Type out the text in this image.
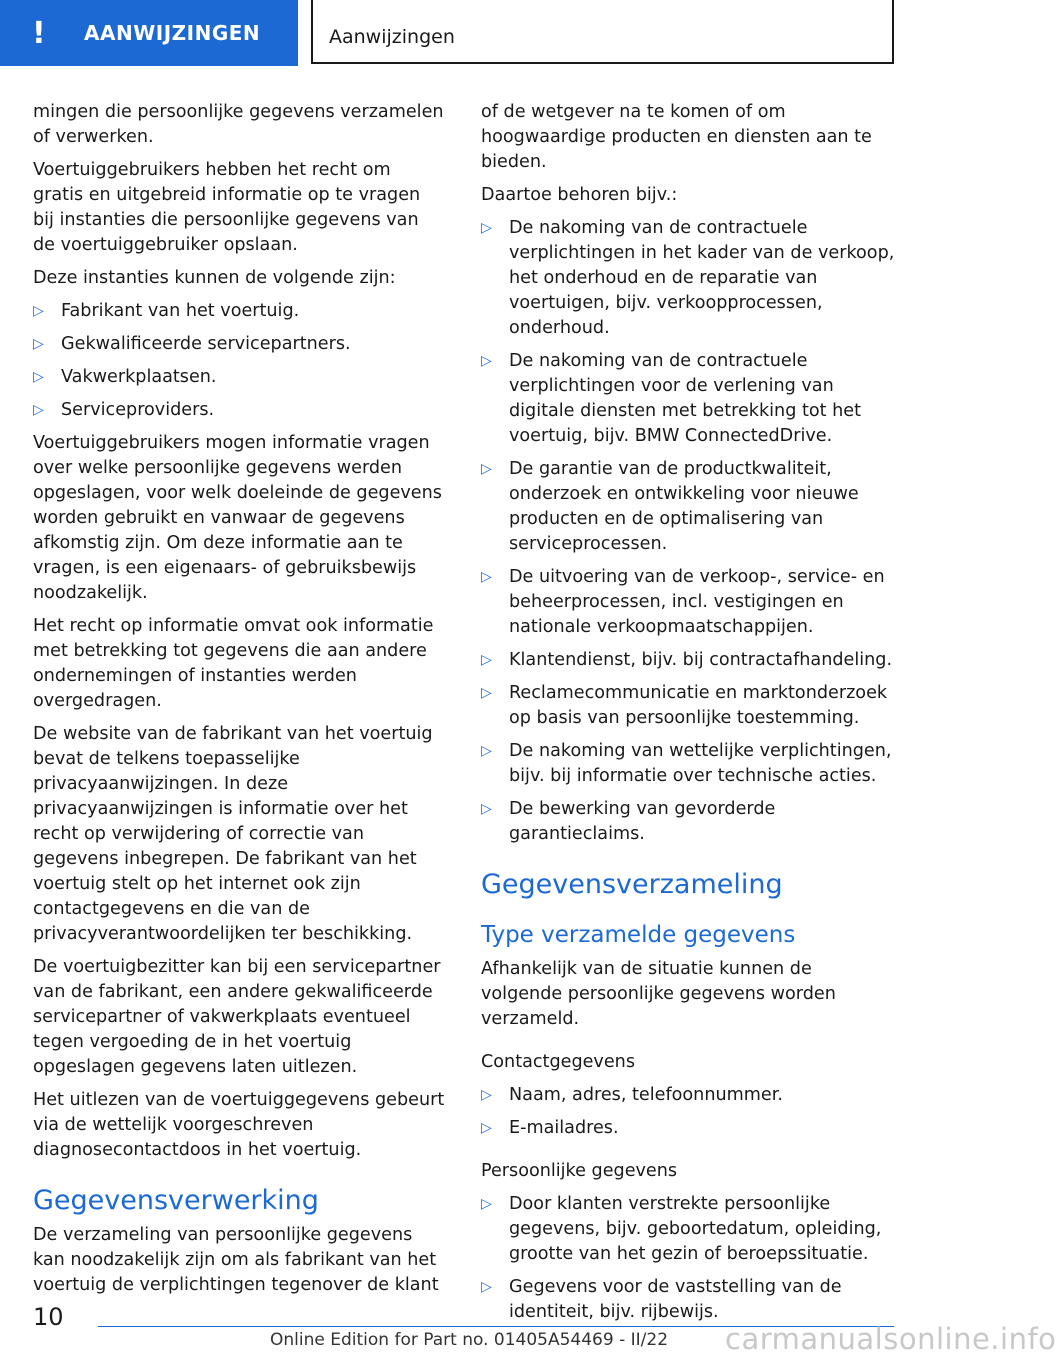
!	AANWIJZINGEN	Aanwijzingen

mingen die persoonlijke gegevens verzamelen of verwerken.

Voertuiggebruikers hebben het recht om gratis en uitgebreid informatie op te vragen bij instanties die persoonlijke gegevens van de voertuiggebruiker opslaan.

Deze instanties kunnen de volgende zijn:

▷ Fabrikant van het voertuig.
▷ Gekwalificeerde servicepartners.
▷ Vakwerkplaatsen.
▷ Serviceproviders.

Voertuiggebruikers mogen informatie vragen over welke persoonlijke gegevens werden opgeslagen, voor welk doeleinde de gegevens worden gebruikt en vanwaar de gegevens afkomstig zijn. Om deze informatie aan te vragen, is een eigenaars- of gebruiksbewijs noodzakelijk.

Het recht op informatie omvat ook informatie met betrekking tot gegevens die aan andere ondernemingen of instanties werden overgedragen.

De website van de fabrikant van het voertuig bevat de telkens toepasselijke privacyaanwijzingen. In deze privacyaanwijzingen is informatie over het recht op verwijdering of correctie van gegevens inbegrepen. De fabrikant van het voertuig stelt op het internet ook zijn contactgegevens en die van de privacyverantwoordelijken ter beschikking.

De voertuigbezitter kan bij een servicepartner van de fabrikant, een andere gekwalificeerde servicepartner of vakwerkplaats eventueel tegen vergoeding de in het voertuig opgeslagen gegevens laten uitlezen.

Het uitlezen van de voertuiggegevens gebeurt via de wettelijk voorgeschreven diagnosecontactdoos in het voertuig.

Gegevensverwerking

De verzameling van persoonlijke gegevens kan noodzakelijk zijn om als fabrikant van het voertuig de verplichtingen tegenover de klant

of de wetgever na te komen of om hoogwaardige producten en diensten aan te bieden.

Daartoe behoren bijv.:

▷ De nakoming van de contractuele verplichtingen in het kader van de verkoop, het onderhoud en de reparatie van voertuigen, bijv. verkoopprocessen, onderhoud.
▷ De nakoming van de contractuele verplichtingen voor de verlening van digitale diensten met betrekking tot het voertuig, bijv. BMW ConnectedDrive.
▷ De garantie van de productkwaliteit, onderzoek en ontwikkeling voor nieuwe producten en de optimalisering van serviceprocessen.
▷ De uitvoering van de verkoop-, service- en beheerprocessen, incl. vestigingen en nationale verkoopmaatschappijen.
▷ Klantendienst, bijv. bij contractafhandeling.
▷ Reclamecommunicatie en marktonderzoek op basis van persoonlijke toestemming.
▷ De nakoming van wettelijke verplichtingen, bijv. bij informatie over technische acties.
▷ De bewerking van gevorderde garantieclaims.
Gegevensverzameling
Type verzamelde gegevens

Afhankelijk van de situatie kunnen de volgende persoonlijke gegevens worden verzameld.

Contactgegevens
▷ Naam, adres, telefoonnummer.
▷ E-mailadres.
Persoonlijke gegevens
▷ Door klanten verstrekte persoonlijke gegevens, bijv. geboortedatum, opleiding, grootte van het gezin of beroepssituatie.
▷ Gegevens voor de vaststelling van de identiteit, bijv. rijbewijs.
10
Online Edition for Part no. 01405A54469 - II/22 carmanualsonline.info
